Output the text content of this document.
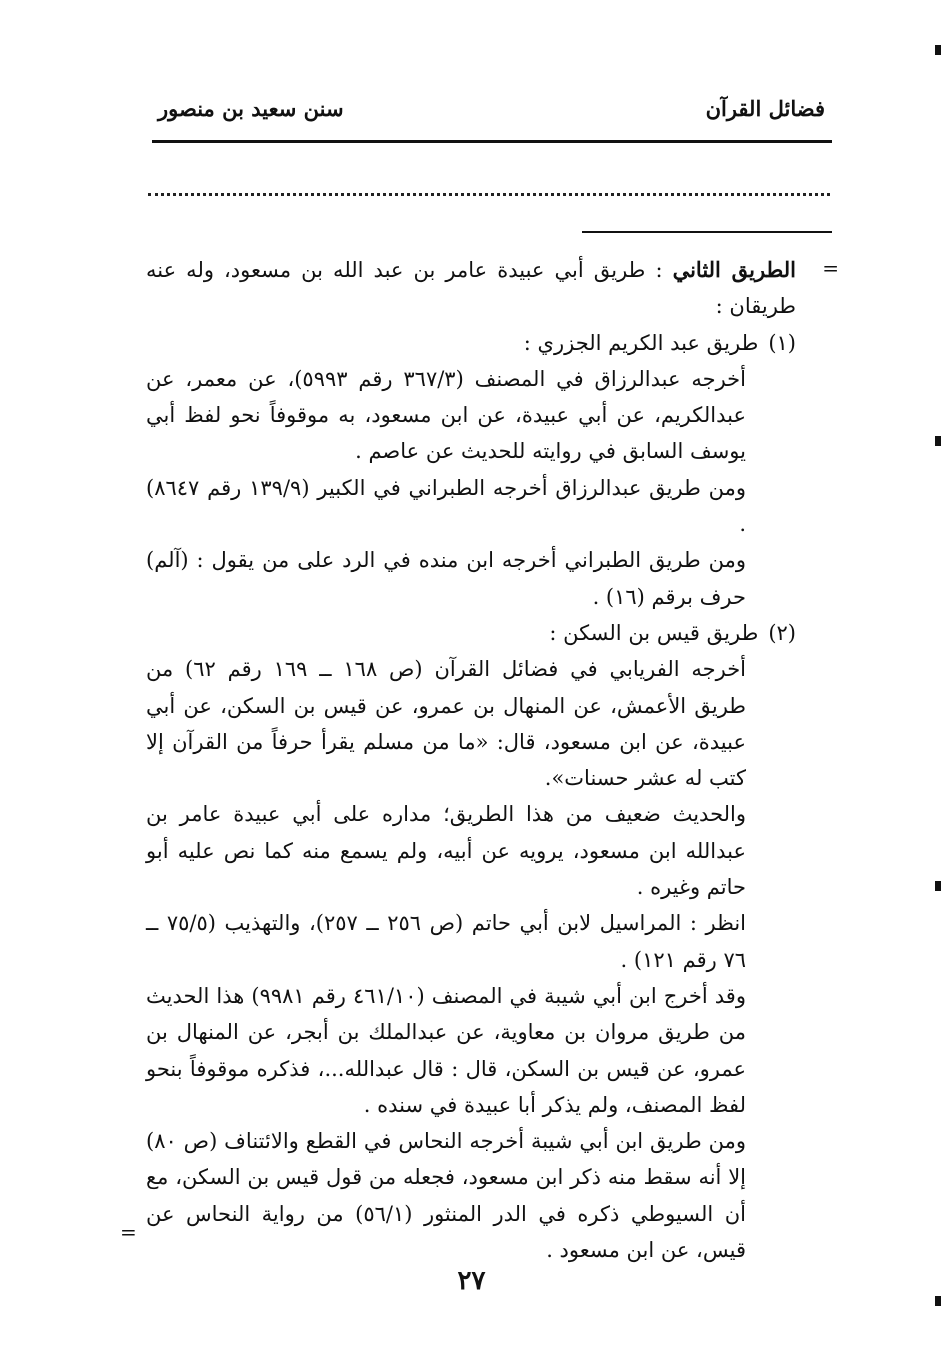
فضائل القرآن
سنن سعيد بن منصور
=

الطريق الثاني : طريق أبي عبيدة عامر بن عبد الله بن مسعود، وله عنه طريقان :

(١)
طريق عبد الكريم الجزري :

أخرجه عبدالرزاق في المصنف (٣٦٧/٣ رقم ٥٩٩٣)، عن معمر، عن عبدالكريم، عن أبي عبيدة، عن ابن مسعود، به موقوفاً نحو لفظ أبي يوسف السابق في روايته للحديث عن عاصم .

ومن طريق عبدالرزاق أخرجه الطبراني في الكبير (١٣٩/٩ رقم ٨٦٤٧) .

ومن طريق الطبراني أخرجه ابن منده في الرد على من يقول : (آلم) حرف برقم (١٦) .

(٢)
طريق قيس بن السكن :

أخرجه الفريابي في فضائل القرآن (ص ١٦٨ ــ ١٦٩ رقم ٦٢) من طريق الأعمش، عن المنهال بن عمرو، عن قيس بن السكن، عن أبي عبيدة، عن ابن مسعود، قال: «ما من مسلم يقرأ حرفاً من القرآن إلا كتب له عشر حسنات».

والحديث ضعيف من هذا الطريق؛ مداره على أبي عبيدة عامر بن عبدالله ابن مسعود، يرويه عن أبيه، ولم يسمع منه كما نص عليه أبو حاتم وغيره .

انظر : المراسيل لابن أبي حاتم (ص ٢٥٦ ــ ٢٥٧)، والتهذيب (٧٥/٥ ــ ٧٦ رقم ١٢١) .

وقد أخرج ابن أبي شيبة في المصنف (٤٦١/١٠ رقم ٩٩٨١) هذا الحديث من طريق مروان بن معاوية، عن عبدالملك بن أبجر، عن المنهال بن عمرو، عن قيس بن السكن، قال : قال عبدالله...، فذكره موقوفاً بنحو لفظ المصنف، ولم يذكر أبا عبيدة في سنده .

ومن طريق ابن أبي شيبة أخرجه النحاس في القطع والائتناف (ص ٨٠) إلا أنه سقط منه ذكر ابن مسعود، فجعله من قول قيس بن السكن، مع أن السيوطي ذكره في الدر المنثور (٥٦/١) من رواية النحاس عن قيس، عن ابن مسعود .

=
٢٧
